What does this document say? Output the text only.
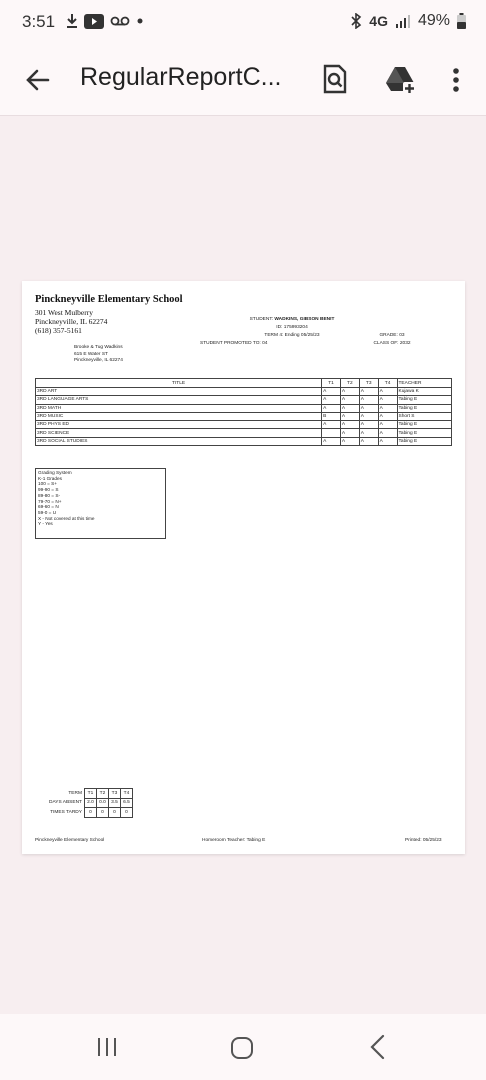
3:51	4G 49%
RegularReportC...
Pinckneyville Elementary School
301 West Mulberry
Pinckneyville, IL 62274
(618) 357-5161
STUDENT: WADKINS, GIBSON BENIT
ID: 175993204
TERM 4: Ending 05/25/23
STUDENT PROMOTED TO: 04
GRADE: 03
CLASS OF: 2032
Brooke & Tug Wadkins
615 E Water ST
Pinckneyville, IL 62274
TITLE	T1	T2	T3	T4	TEACHER
3RD ART	A	A	A	A	Kujawa K
3RD LANGUAGE ARTS	A	A	A	A	Tabing E
3RD MATH	A	A	A	A	Tabing E
3RD MUSIC	B	A	A	A	Short S
3RD PHYS ED	A	A	A	A	Tabing E
3RD SCIENCE		A	A	A	Tabing E
3RD SOCIAL STUDIES	A	A	A	A	Tabing E
Grading System
K-1 Grades
100 = S+
99-90 = S
89-80 = S-
79-70 = N+
69-60 = N
59-0 = U
X - Not covered at this time
Y - Yes
TERM	T1	T2	T3	T4
DAYS ABSENT	2.0	0.0	3.5	6.5
TIMES TARDY	0	0	0	0
Pinckneyville Elementary School	Homeroom Teacher: Tabing E	Printed: 05/25/23
